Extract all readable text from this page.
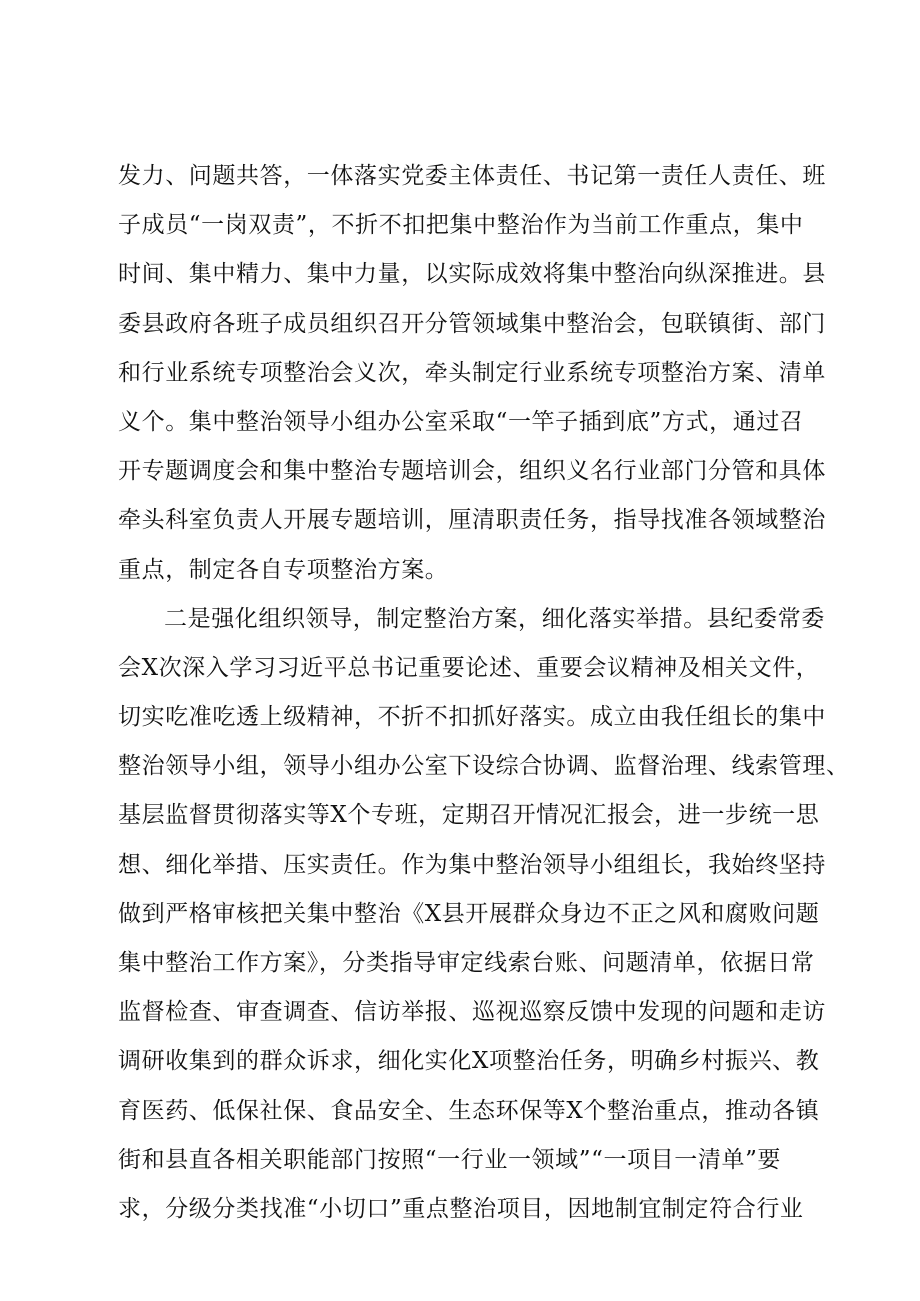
发力、问题共答，一体落实党委主体责任、书记第一责任人责任、班
子成员“一岗双责”，不折不扣把集中整治作为当前工作重点，集中
时间、集中精力、集中力量，以实际成效将集中整治向纵深推进。县
委县政府各班子成员组织召开分管领域集中整治会，包联镇街、部门
和行业系统专项整治会义次，牵头制定行业系统专项整治方案、清单
义个。集中整治领导小组办公室采取“一竿子插到底”方式，通过召
开专题调度会和集中整治专题培训会，组织义名行业部门分管和具体
牵头科室负责人开展专题培训，厘清职责任务，指导找准各领域整治
重点，制定各自专项整治方案。
二是强化组织领导，制定整治方案，细化落实举措。县纪委常委
会X次深入学习习近平总书记重要论述、重要会议精神及相关文件，
切实吃准吃透上级精神，不折不扣抓好落实。成立由我任组长的集中
整治领导小组，领导小组办公室下设综合协调、监督治理、线索管理、
基层监督贯彻落实等X个专班，定期召开情况汇报会，进一步统一思
想、细化举措、压实责任。作为集中整治领导小组组长，我始终坚持
做到严格审核把关集中整治《X县开展群众身边不正之风和腐败问题
集中整治工作方案》，分类指导审定线索台账、问题清单，依据日常
监督检查、审查调查、信访举报、巡视巡察反馈中发现的问题和走访
调研收集到的群众诉求，细化实化X项整治任务，明确乡村振兴、教
育医药、低保社保、食品安全、生态环保等X个整治重点，推动各镇
街和县直各相关职能部门按照“一行业一领域”“一项目一清单”要
求，分级分类找准“小切口”重点整治项目，因地制宜制定符合行业
